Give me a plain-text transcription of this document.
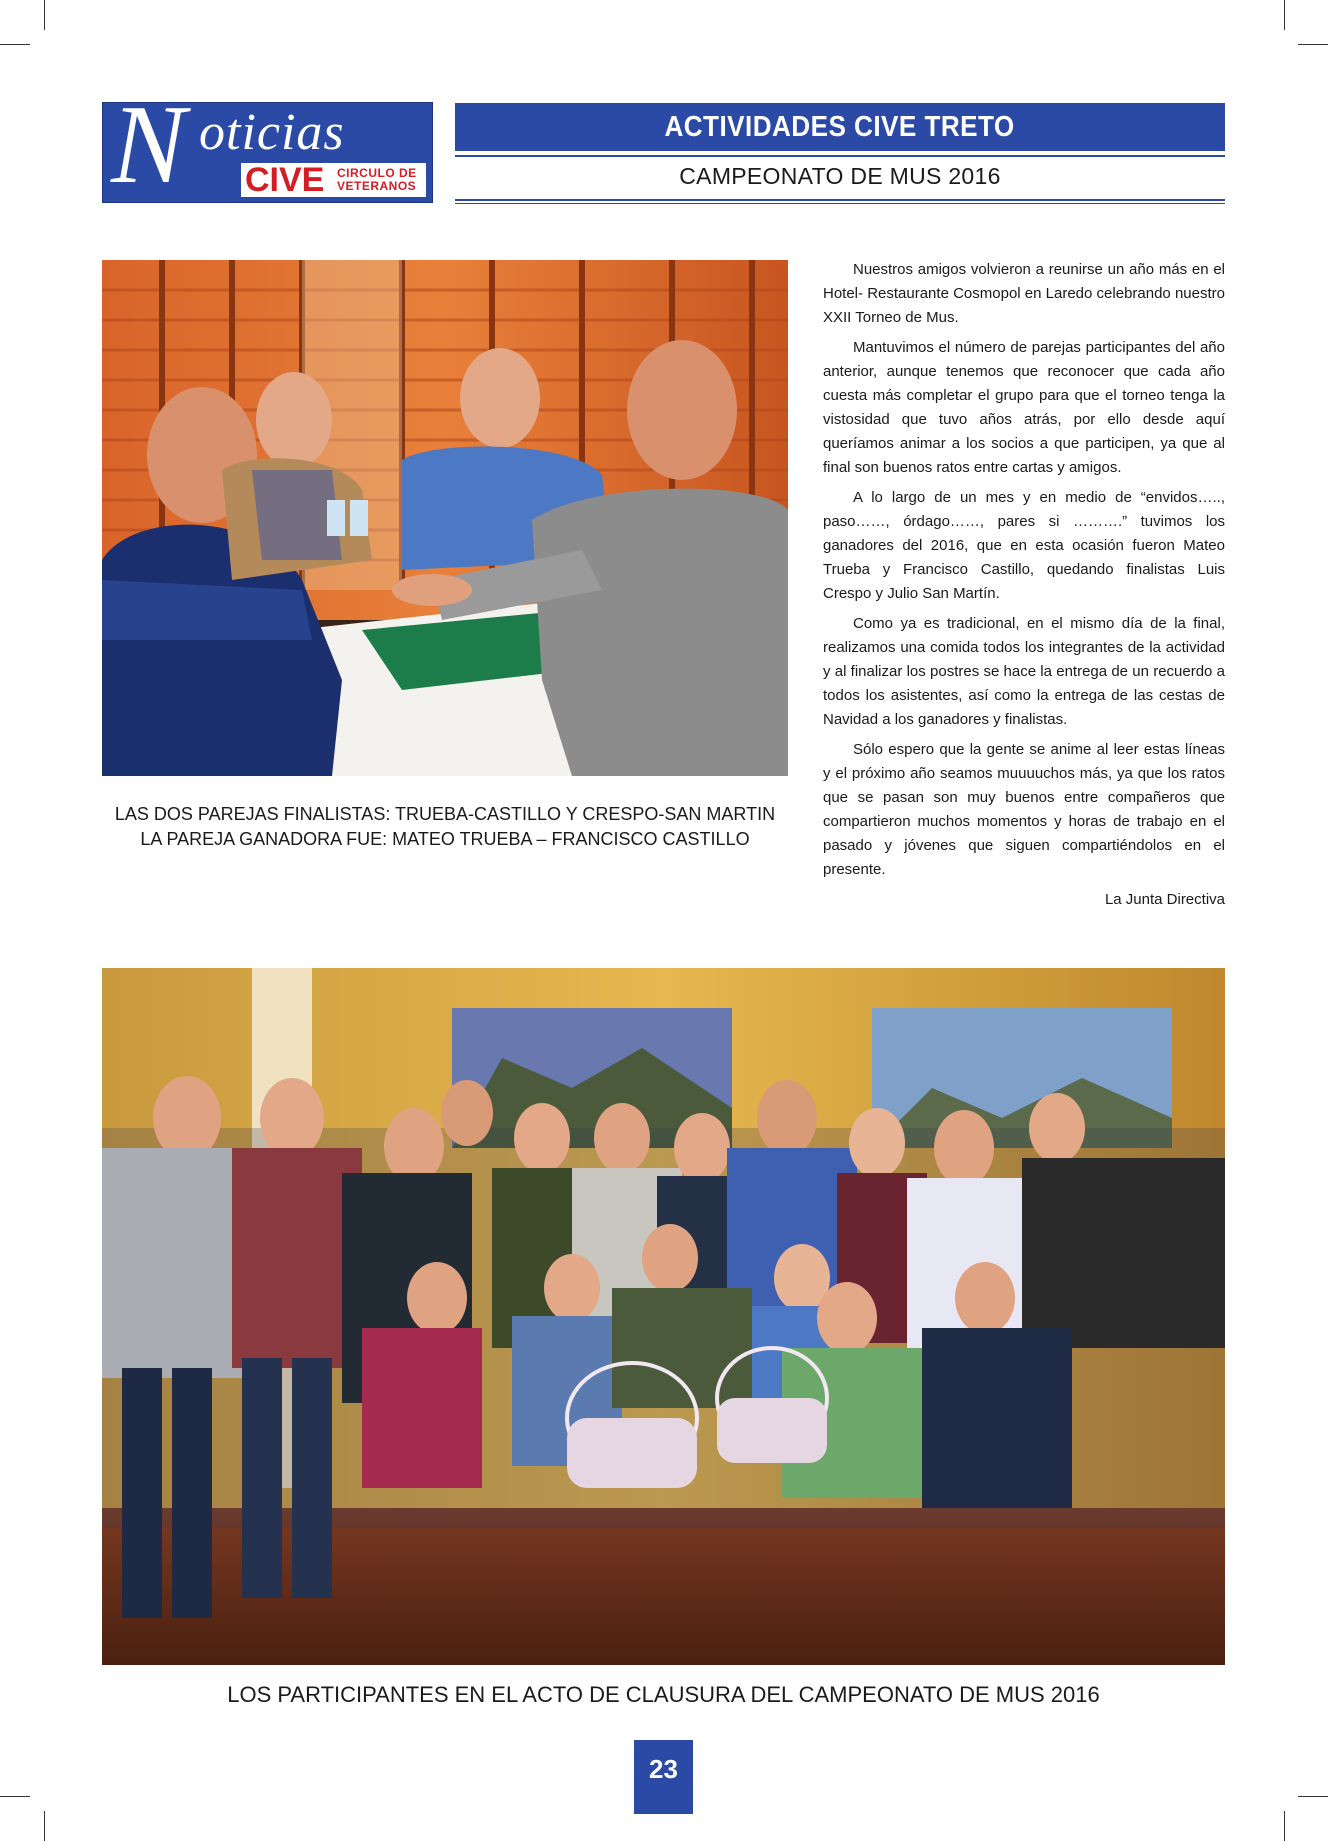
N oticias
CIVE CIRCULO DE
VETERANOS
ACTIVIDADES CIVE TRETO
CAMPEONATO DE MUS 2016
LAS DOS PAREJAS FINALISTAS: TRUEBA-CASTILLO Y CRESPO-SAN MARTIN
LA PAREJA GANADORA FUE: MATEO TRUEBA – FRANCISCO CASTILLO

Nuestros amigos volvieron a reunirse un año más en el Hotel- Restaurante Cosmopol en Laredo celebrando nuestro XXII Torneo de Mus.

Mantuvimos el número de parejas participantes del año anterior, aunque tenemos que reconocer que cada año cuesta más completar el grupo para que el torneo tenga la vistosidad que tuvo años atrás, por ello desde aquí queríamos animar a los socios a que participen, ya que al final son buenos ratos entre cartas y amigos.

A lo largo de un mes y en medio de “envidos….., paso……, órdago……, pares si ……….” tuvimos los ganadores del 2016, que en esta ocasión fueron Mateo Trueba y Francisco Castillo, quedando finalistas Luis Crespo y Julio San Martín.

Como ya es tradicional, en el mismo día de la final, realizamos una comida todos los integrantes de la actividad y al finalizar los postres se hace la entrega de un recuerdo a todos los asistentes, así como la entrega de las cestas de Navidad a los ganadores y finalistas.

Sólo espero que la gente se anime al leer estas líneas y el próximo año seamos muuuuchos más, ya que los ratos que se pasan son muy buenos entre compañeros que compartieron muchos momentos y horas de trabajo en el pasado y jóvenes que siguen compartiéndolos en el presente.

La Junta Directiva
LOS PARTICIPANTES EN EL ACTO DE CLAUSURA DEL CAMPEONATO DE MUS 2016
23
